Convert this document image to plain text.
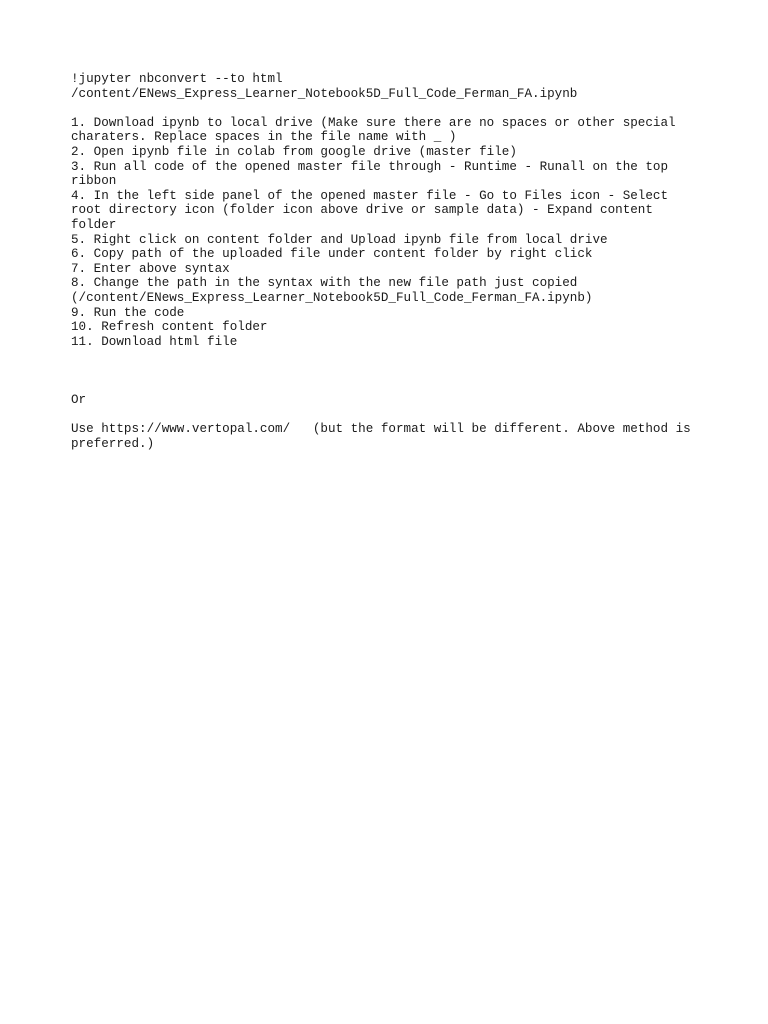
!jupyter nbconvert --to html
/content/ENews_Express_Learner_Notebook5D_Full_Code_Ferman_FA.ipynb
1. Download ipynb to local drive (Make sure there are no spaces or other special
charaters. Replace spaces in the file name with _ )
2. Open ipynb file in colab from google drive (master file)
3. Run all code of the opened master file through - Runtime - Runall on the top
ribbon
4. In the left side panel of the opened master file - Go to Files icon - Select
root directory icon (folder icon above drive or sample data) - Expand content
folder
5. Right click on content folder and Upload ipynb file from local drive
6. Copy path of the uploaded file under content folder by right click
7. Enter above syntax
8. Change the path in the syntax with the new file path just copied
(/content/ENews_Express_Learner_Notebook5D_Full_Code_Ferman_FA.ipynb)
9. Run the code
10. Refresh content folder
11. Download html file
Or
Use https://www.vertopal.com/   (but the format will be different. Above method is
preferred.)
